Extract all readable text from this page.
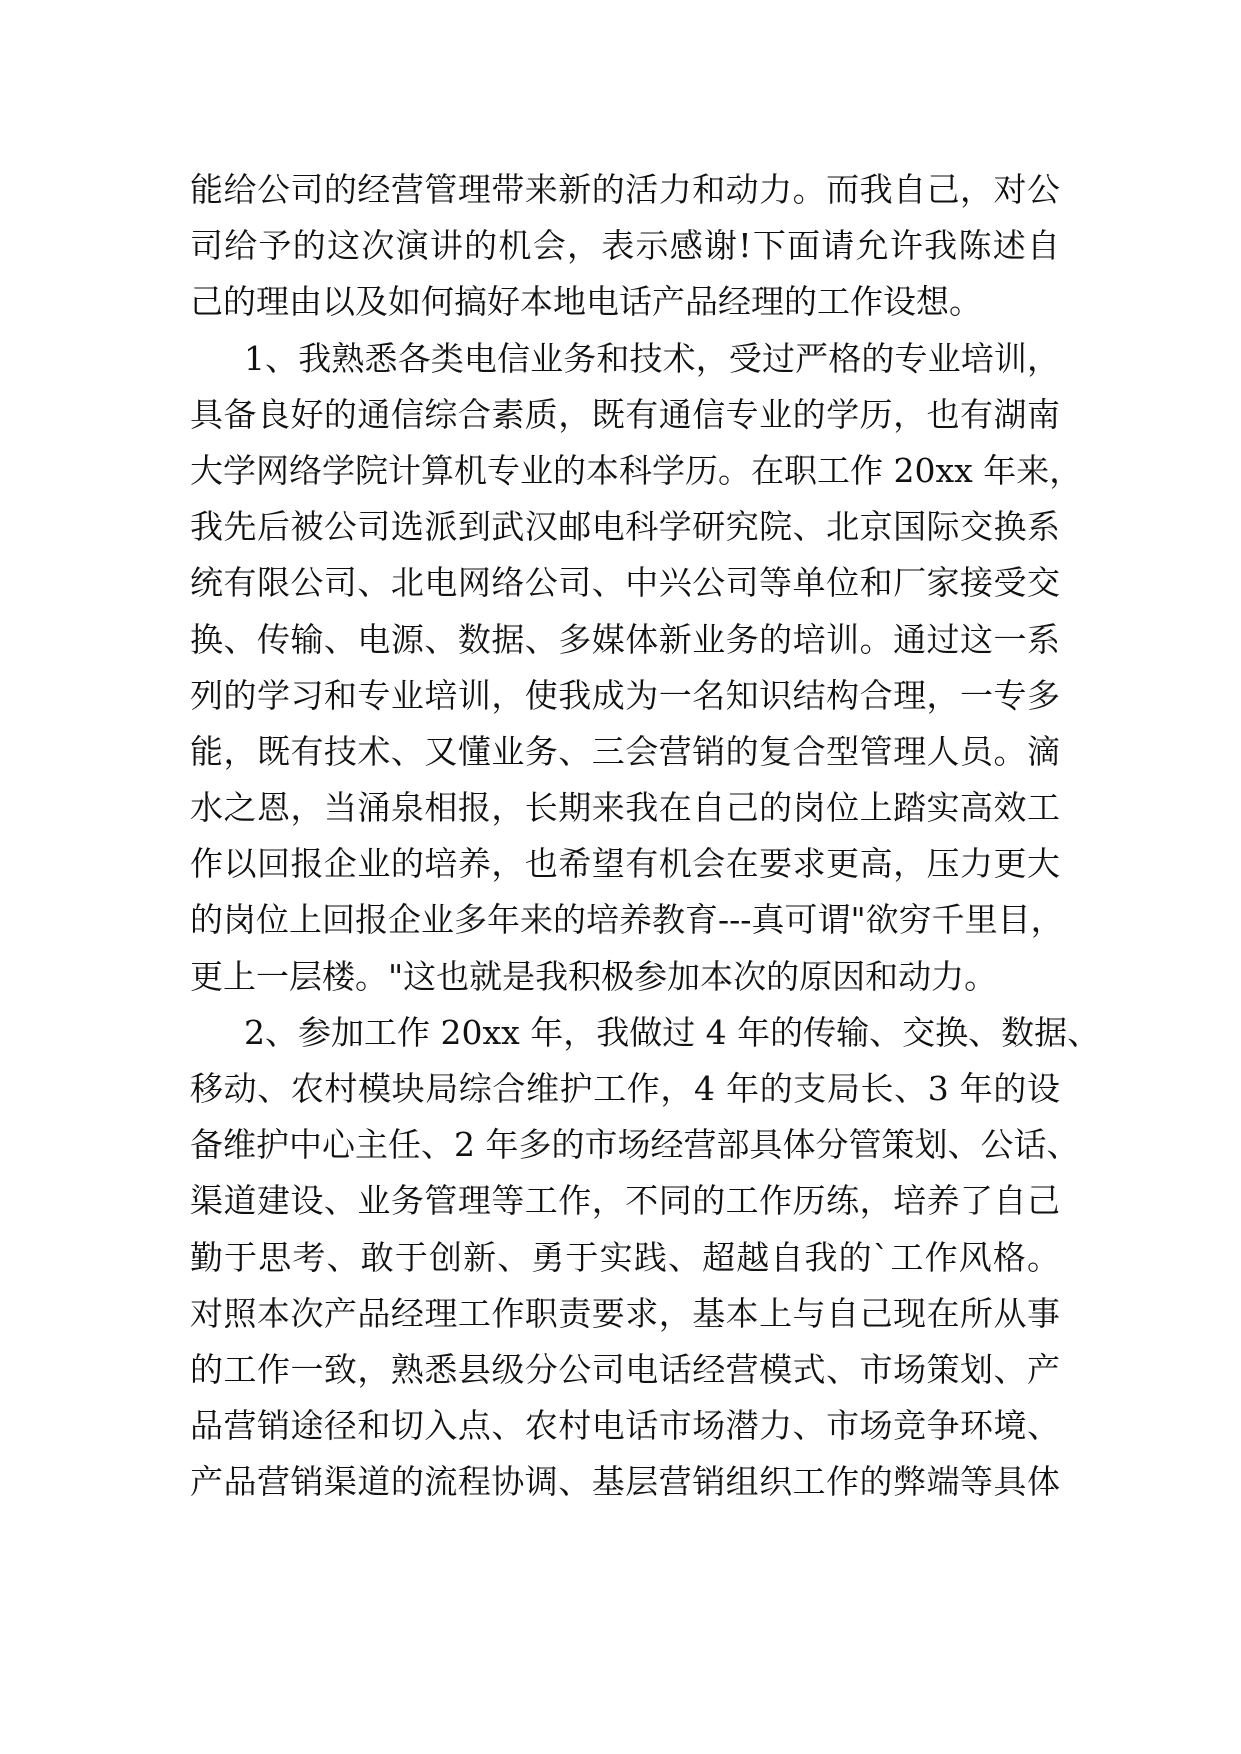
能给公司的经营管理带来新的活力和动力。而我自己，对公
司给予的这次演讲的机会，表示感谢!下面请允许我陈述自
己的理由以及如何搞好本地电话产品经理的工作设想。
1、我熟悉各类电信业务和技术，受过严格的专业培训，
具备良好的通信综合素质，既有通信专业的学历，也有湖南
大学网络学院计算机专业的本科学历。在职工作 20xx 年来，
我先后被公司选派到武汉邮电科学研究院、北京国际交换系
统有限公司、北电网络公司、中兴公司等单位和厂家接受交
换、传输、电源、数据、多媒体新业务的培训。通过这一系
列的学习和专业培训，使我成为一名知识结构合理，一专多
能，既有技术、又懂业务、三会营销的复合型管理人员。滴
水之恩，当涌泉相报，长期来我在自己的岗位上踏实高效工
作以回报企业的培养，也希望有机会在要求更高，压力更大
的岗位上回报企业多年来的培养教育---真可谓"欲穷千里目，
更上一层楼。"这也就是我积极参加本次的原因和动力。
2、参加工作 20xx 年，我做过 4 年的传输、交换、数据、
移动、农村模块局综合维护工作，4 年的支局长、3 年的设
备维护中心主任、2 年多的市场经营部具体分管策划、公话、
渠道建设、业务管理等工作，不同的工作历练，培养了自己
勤于思考、敢于创新、勇于实践、超越自我的`工作风格。
对照本次产品经理工作职责要求，基本上与自己现在所从事
的工作一致，熟悉县级分公司电话经营模式、市场策划、产
品营销途径和切入点、农村电话市场潜力、市场竞争环境、
产品营销渠道的流程协调、基层营销组织工作的弊端等具体
